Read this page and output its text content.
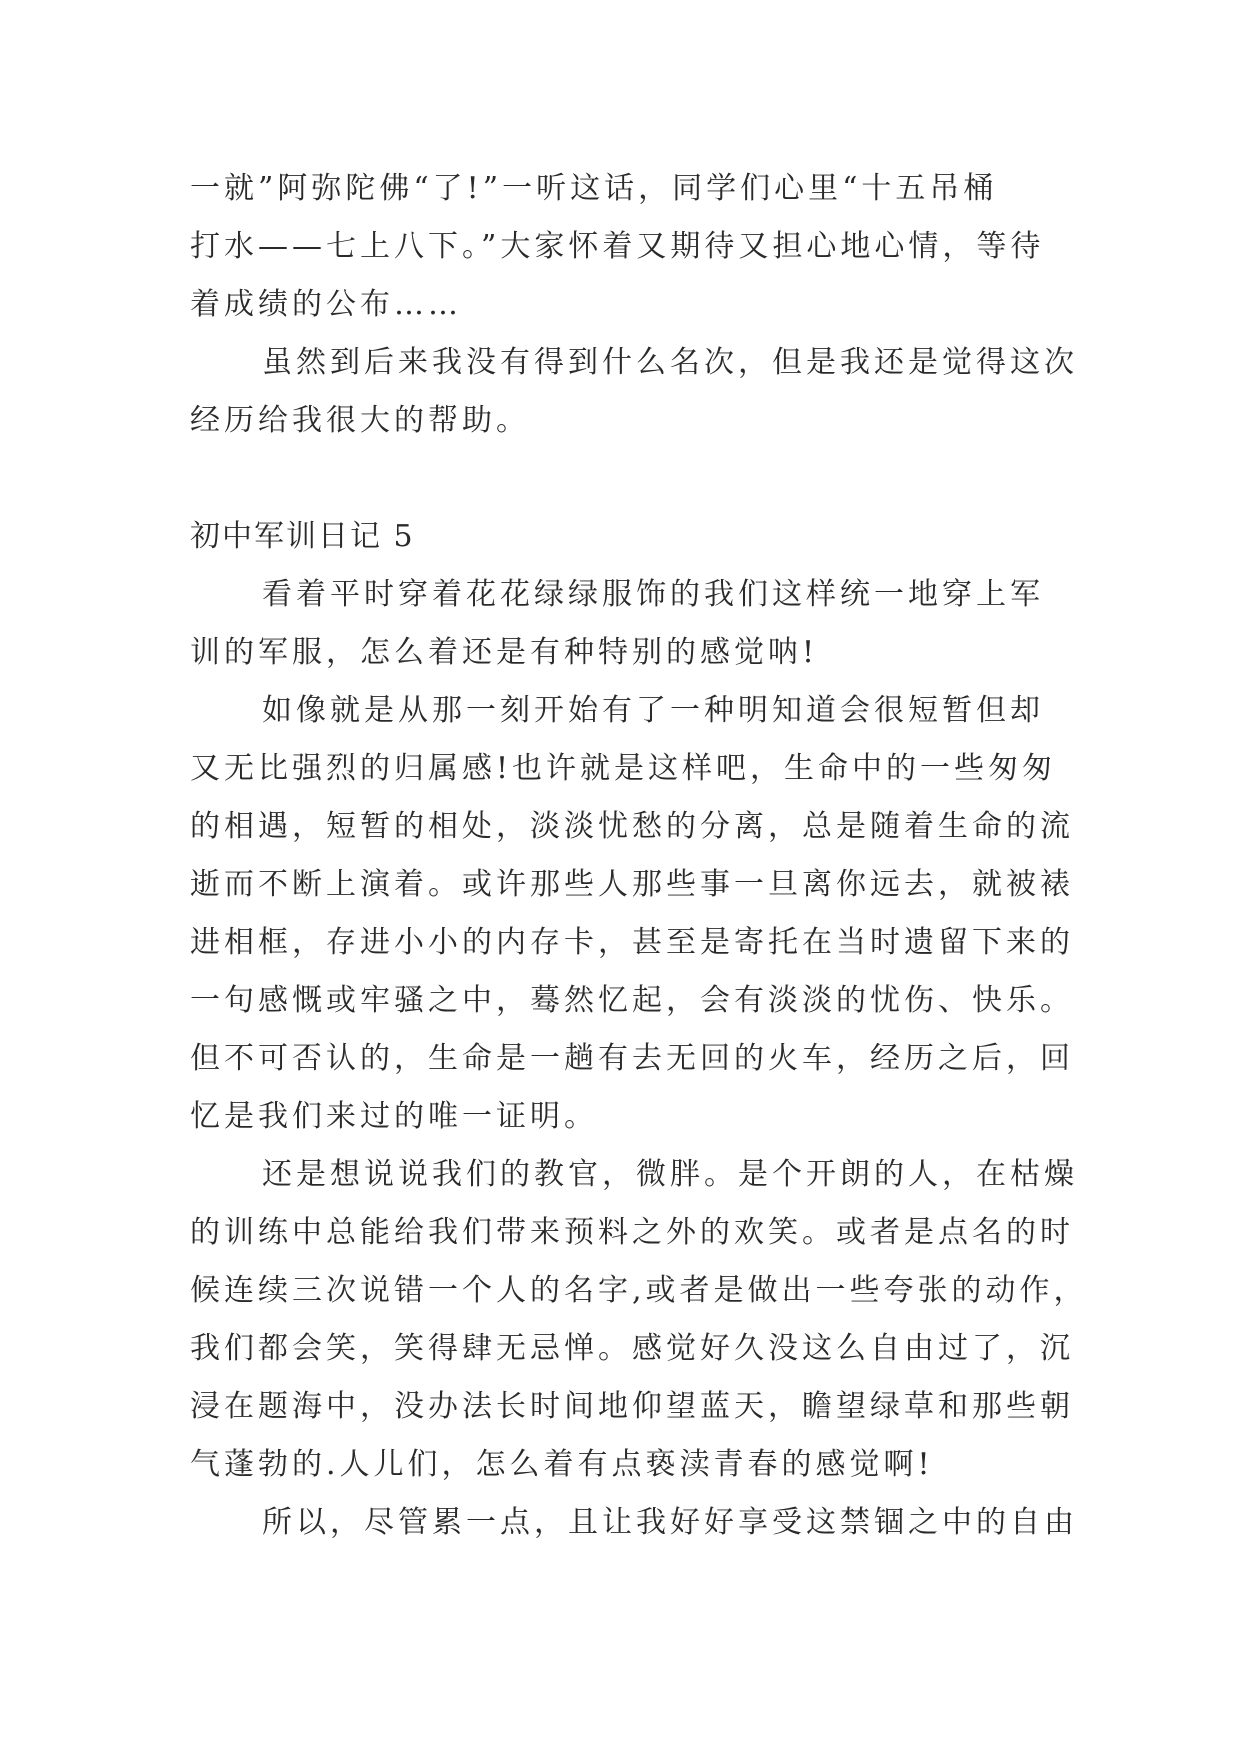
一就”阿弥陀佛“了!”一听这话，同学们心里“十五吊桶
打水——七上八下。”大家怀着又期待又担心地心情，等待
着成绩的公布……
虽然到后来我没有得到什么名次，但是我还是觉得这次
经历给我很大的帮助。
初中军训日记 5
看着平时穿着花花绿绿服饰的我们这样统一地穿上军
训的军服，怎么着还是有种特别的感觉呐!
如像就是从那一刻开始有了一种明知道会很短暂但却
又无比强烈的归属感!也许就是这样吧，生命中的一些匆匆
的相遇，短暂的相处，淡淡忧愁的分离，总是随着生命的流
逝而不断上演着。或许那些人那些事一旦离你远去，就被裱
进相框，存进小小的内存卡，甚至是寄托在当时遗留下来的
一句感慨或牢骚之中，蓦然忆起，会有淡淡的忧伤、快乐。
但不可否认的，生命是一趟有去无回的火车，经历之后，回
忆是我们来过的唯一证明。
还是想说说我们的教官，微胖。是个开朗的人，在枯燥
的训练中总能给我们带来预料之外的欢笑。或者是点名的时
候连续三次说错一个人的名字,或者是做出一些夸张的动作，
我们都会笑，笑得肆无忌惮。感觉好久没这么自由过了，沉
浸在题海中，没办法长时间地仰望蓝天，瞻望绿草和那些朝
气蓬勃的.人儿们，怎么着有点亵渎青春的感觉啊!
所以，尽管累一点，且让我好好享受这禁锢之中的自由
